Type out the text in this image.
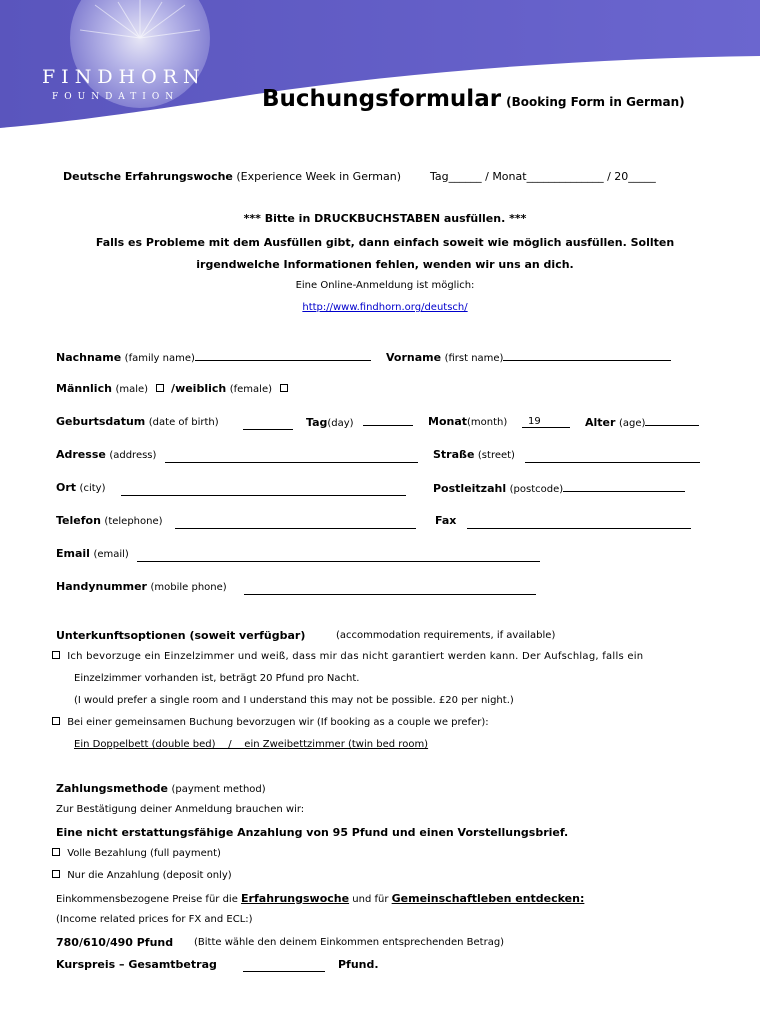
FINDHORN
FOUNDATION	Buchungsformular (Booking Form in German)
Deutsche Erfahrungswoche (Experience Week in German)	Tag______ / Monat______________ / 20_____
*** Bitte in DRUCKBUCHSTABEN ausfüllen. ***
Falls es Probleme mit dem Ausfüllen gibt, dann einfach soweit wie möglich ausfüllen. Sollten
irgendwelche Informationen fehlen, wenden wir uns an dich.
Eine Online-Anmeldung ist möglich:
http://www.findhorn.org/deutsch/
Nachname (family name)	Vorname (first name)
Männlich (male) /weiblich (female)
Geburtsdatum (date of birth)	Tag(day)	Monat(month)	19	Alter (age)
Adresse (address)	Straße (street)
Ort (city)	Postleitzahl (postcode)
Telefon (telephone)	Fax
Email (email)
Handynummer (mobile phone)
Unterkunftsoptionen (soweit verfügbar)	(accommodation requirements, if available)
Ich bevorzuge ein Einzelzimmer und weiß, dass mir das nicht garantiert werden kann. Der Aufschlag, falls ein
Einzelzimmer vorhanden ist, beträgt 20 Pfund pro Nacht.
(I would prefer a single room and I understand this may not be possible. £20 per night.)
Bei einer gemeinsamen Buchung bevorzugen wir (If booking as a couple we prefer):
Ein Doppelbett (double bed)    /    ein Zweibettzimmer (twin bed room)
Zahlungsmethode (payment method)
Zur Bestätigung deiner Anmeldung brauchen wir:
Eine nicht erstattungsfähige Anzahlung von 95 Pfund und einen Vorstellungsbrief.
Volle Bezahlung (full payment)
Nur die Anzahlung (deposit only)
Einkommensbezogene Preise für die Erfahrungswoche und für Gemeinschaftleben entdecken:
(Income related prices for FX and ECL:)
780/610/490 Pfund (Bitte wähle den deinem Einkommen entsprechenden Betrag)
Kurspreis – Gesamtbetrag	Pfund.
